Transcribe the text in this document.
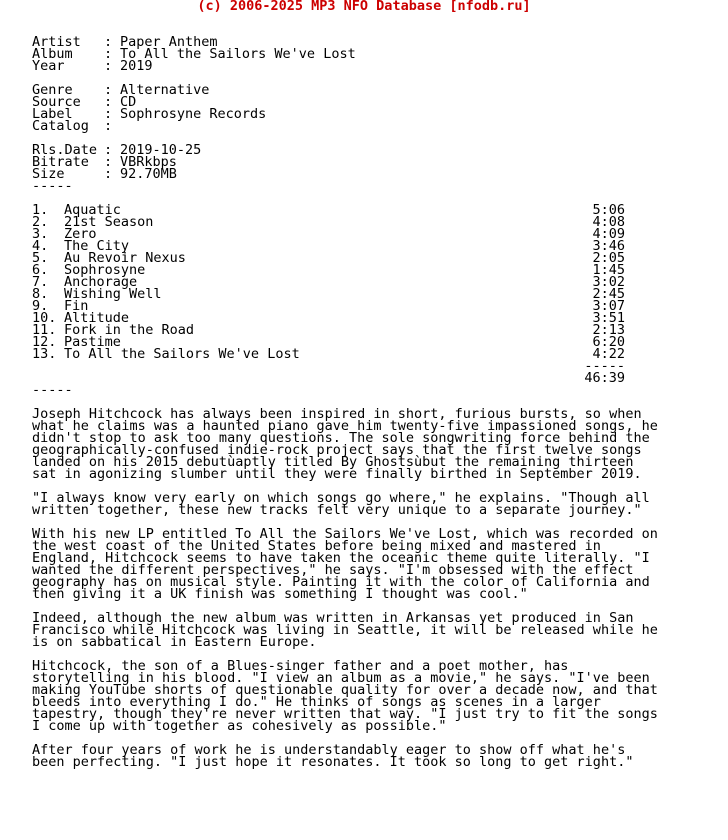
(c) 2006-2025 MP3 NFO Database [nfodb.ru]

Artist : Paper Anthem

Album : To All the Sailors We've Lost

Year	: 2019

Genre : Alternative

Source : CD

Label : Sophrosyne Records

Catalog :

Rls.Date : 2019-10-25

Bitrate : VBRkbps

Size	: 92.70MB

-----
1. Aquatic	5:06
2. 21st Season	4:08
3. Zero	4:09
4. The City	3:46
5. Au Revoir Nexus	2:05
6. Sophrosyne	1:45
7. Anchorage	3:02
8. Wishing Well	2:45
9. Fin	3:07
10. Altitude	3:51
11. Fork in the Road	2:13
12. Pastime	6:20
13. To All the Sailors We've Lost	4:22
-----
46:39
-----
Joseph Hitchcock has always been inspired in short, furious bursts, so when
what he claims was a haunted piano gave him twenty-five impassioned songs, he
didn't stop to ask too many questions. The sole songwriting force behind the
geographically-confused indie-rock project says that the first twelve songs
landed on his 2015 debutùaptly titled By Ghostsùbut the remaining thirteen
sat in agonizing slumber until they were finally birthed in September 2019.
"I always know very early on which songs go where," he explains. "Though all
written together, these new tracks felt very unique to a separate journey."
With his new LP entitled To All the Sailors We've Lost, which was recorded on
the west coast of the United States before being mixed and mastered in
England, Hitchcock seems to have taken the oceanic theme quite literally. "I
wanted the different perspectives," he says. "I'm obsessed with the effect
geography has on musical style. Painting it with the color of California and
then giving it a UK finish was something I thought was cool."
Indeed, although the new album was written in Arkansas yet produced in San
Francisco while Hitchcock was living in Seattle, it will be released while he
is on sabbatical in Eastern Europe.
Hitchcock, the son of a Blues-singer father and a poet mother, has
storytelling in his blood. "I view an album as a movie," he says. "I've been
making YouTube shorts of questionable quality for over a decade now, and that
bleeds into everything I do." He thinks of songs as scenes in a larger
tapestry, though they're never written that way. "I just try to fit the songs
I come up with together as cohesively as possible."
After four years of work he is understandably eager to show off what he's
been perfecting. "I just hope it resonates. It took so long to get right."
